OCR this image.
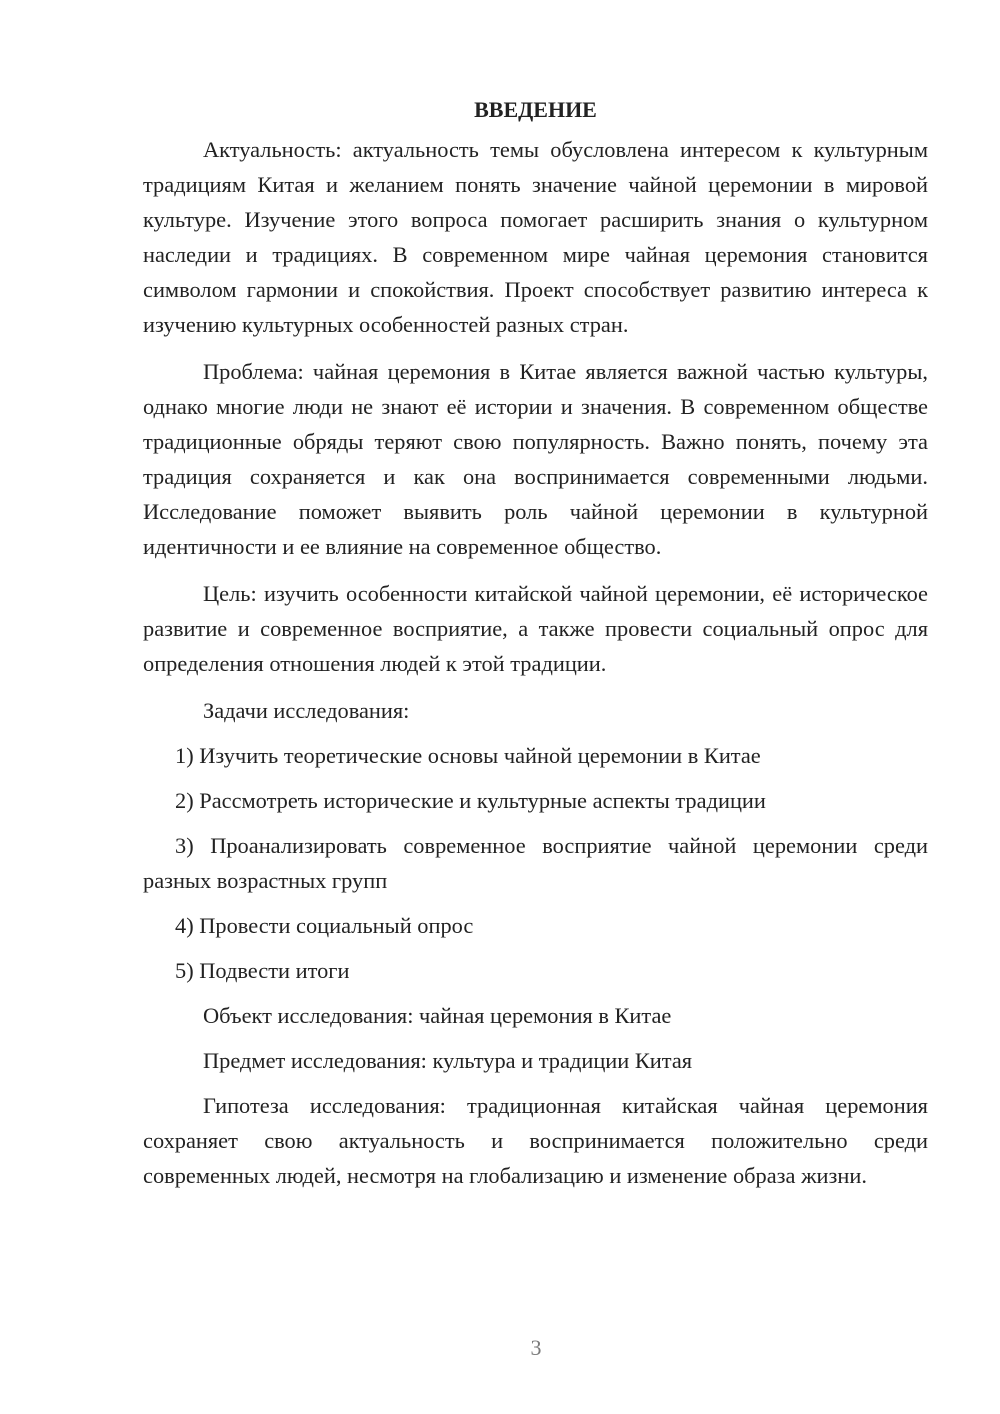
ВВЕДЕНИЕ

Актуальность: актуальность темы обусловлена интересом к культурным традициям Китая и желанием понять значение чайной церемонии в мировой культуре. Изучение этого вопроса помогает расширить знания о культурном наследии и традициях. В современном мире чайная церемония становится символом гармонии и спокойствия. Проект способствует развитию интереса к изучению культурных особенностей разных стран.

Проблема: чайная церемония в Китае является важной частью культуры, однако многие люди не знают её истории и значения. В современном обществе традиционные обряды теряют свою популярность. Важно понять, почему эта традиция сохраняется и как она воспринимается современными людьми. Исследование поможет выявить роль чайной церемонии в культурной идентичности и ее влияние на современное общество.

Цель: изучить особенности китайской чайной церемонии, её историческое развитие и современное восприятие, а также провести социальный опрос для определения отношения людей к этой традиции.

Задачи исследования:

1) Изучить теоретические основы чайной церемонии в Китае

2) Рассмотреть исторические и культурные аспекты традиции

3) Проанализировать современное восприятие чайной церемонии среди разных возрастных групп

4) Провести социальный опрос

5) Подвести итоги

Объект исследования: чайная церемония в Китае

Предмет исследования: культура и традиции Китая

Гипотеза исследования: традиционная китайская чайная церемония сохраняет свою актуальность и воспринимается положительно среди современных людей, несмотря на глобализацию и изменение образа жизни.

3
